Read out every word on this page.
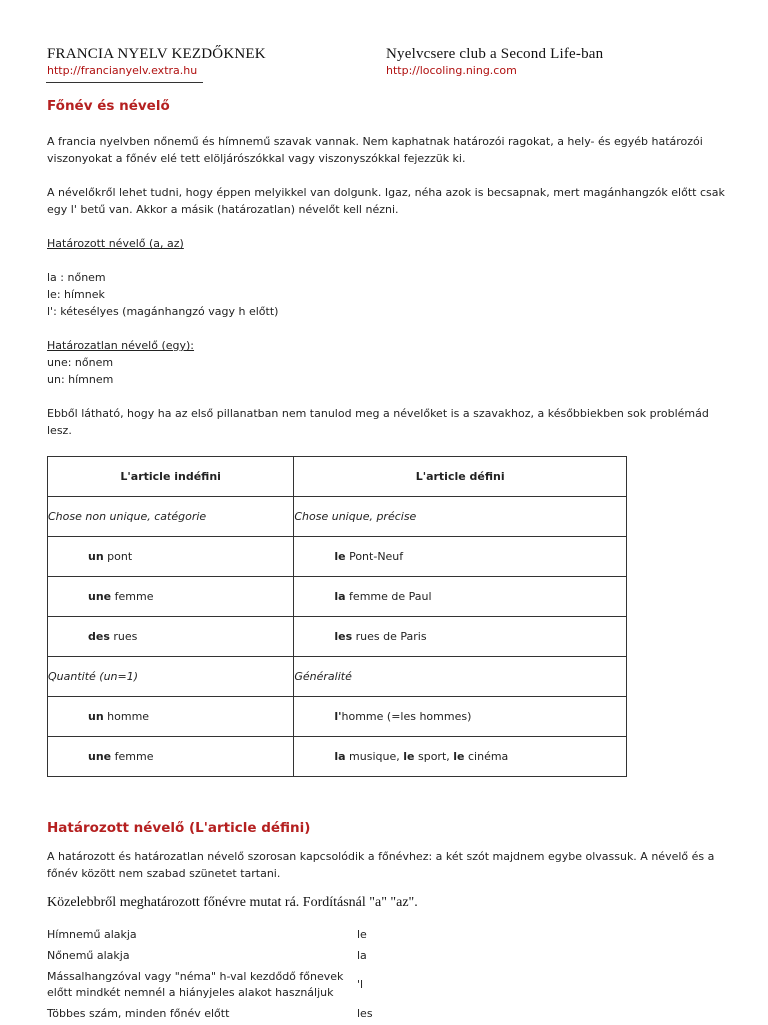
FRANCIA NYELV KEZDŐKNEK
http://francianyelv.extra.hu
Nyelvcsere club a Second Life-ban
http://locoling.ning.com
Főnév és névelő

A francia nyelvben nőnemű és hímnemű szavak vannak. Nem kaphatnak határozói ragokat, a hely- és egyéb határozói viszonyokat a főnév elé tett elöljárószókkal vagy viszonyszókkal fejezzük ki.

A névelőkről lehet tudni, hogy éppen melyikkel van dolgunk. Igaz, néha azok is becsapnak, mert magánhangzók előtt csak egy l' betű van. Akkor a másik (határozatlan) névelőt kell nézni.

Határozott névelő (a, az)

la : nőnem

le: hímnek

l': kétesélyes (magánhangzó vagy h előtt)

Határozatlan névelő (egy):

une: nőnem

un: hímnem

Ebből látható, hogy ha az első pillanatban nem tanulod meg a névelőket is a szavakhoz, a későbbiekben sok problémád lesz.

L'article indéfini	L'article défini
Chose non unique, catégorie	Chose unique, précise
un pont	le Pont-Neuf
une femme	la femme de Paul
des rues	les rues de Paris
Quantité (un=1)	Généralité
un homme	l'homme (=les hommes)
une femme	la musique, le sport, le cinéma
Határozott névelő (L'article défini)

A határozott és határozatlan névelő szorosan kapcsolódik a főnévhez: a két szót majdnem egybe olvassuk. A névelő és a főnév között nem szabad szünetet tartani.

Közelebbről meghatározott főnévre mutat rá. Fordításnál "a" "az".

Hímnemű alakja	le
Nőnemű alakja	la
Mássalhangzóval vagy "néma" h-val kezdődő főnevek előtt mindkét nemnél a hiányjeles alakot használjuk	'l
Többes szám, minden főnév előtt	les
